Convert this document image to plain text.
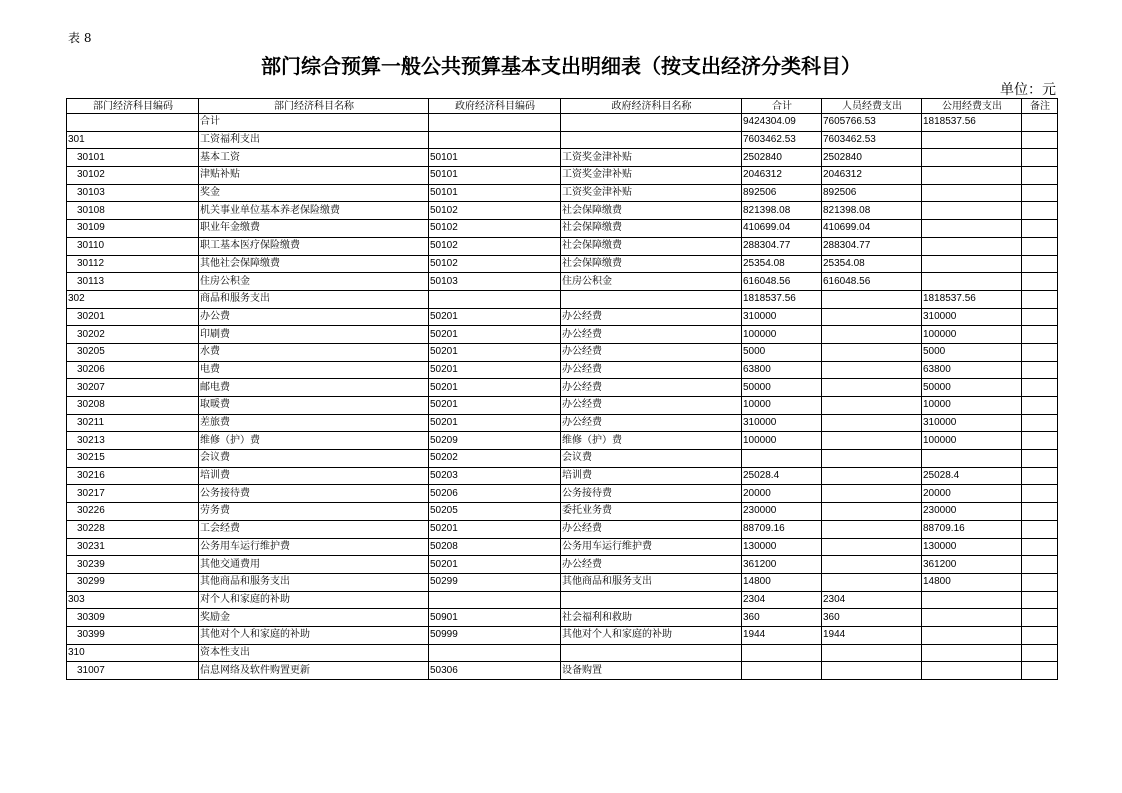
表 8
部门综合预算一般公共预算基本支出明细表（按支出经济分类科目）
单位：元
部门经济科目编码	部门经济科目名称	政府经济科目编码	政府经济科目名称	合计	人员经费支出	公用经费支出	备注
	合计			9424304.09	7605766.53	1818537.56	
301	工资福利支出			7603462.53	7603462.53		
30101	基本工资	50101	工资奖金津补贴	2502840	2502840		
30102	津贴补贴	50101	工资奖金津补贴	2046312	2046312		
30103	奖金	50101	工资奖金津补贴	892506	892506		
30108	机关事业单位基本养老保险缴费	50102	社会保障缴费	821398.08	821398.08		
30109	职业年金缴费	50102	社会保障缴费	410699.04	410699.04		
30110	职工基本医疗保险缴费	50102	社会保障缴费	288304.77	288304.77		
30112	其他社会保障缴费	50102	社会保障缴费	25354.08	25354.08		
30113	住房公积金	50103	住房公积金	616048.56	616048.56		
302	商品和服务支出			1818537.56		1818537.56	
30201	办公费	50201	办公经费	310000		310000	
30202	印刷费	50201	办公经费	100000		100000	
30205	水费	50201	办公经费	5000		5000	
30206	电费	50201	办公经费	63800		63800	
30207	邮电费	50201	办公经费	50000		50000	
30208	取暖费	50201	办公经费	10000		10000	
30211	差旅费	50201	办公经费	310000		310000	
30213	维修（护）费	50209	维修（护）费	100000		100000	
30215	会议费	50202	会议费				
30216	培训费	50203	培训费	25028.4		25028.4	
30217	公务接待费	50206	公务接待费	20000		20000	
30226	劳务费	50205	委托业务费	230000		230000	
30228	工会经费	50201	办公经费	88709.16		88709.16	
30231	公务用车运行维护费	50208	公务用车运行维护费	130000		130000	
30239	其他交通费用	50201	办公经费	361200		361200	
30299	其他商品和服务支出	50299	其他商品和服务支出	14800		14800	
303	对个人和家庭的补助			2304	2304		
30309	奖励金	50901	社会福利和救助	360	360		
30399	其他对个人和家庭的补助	50999	其他对个人和家庭的补助	1944	1944		
310	资本性支出						
31007	信息网络及软件购置更新	50306	设备购置				
